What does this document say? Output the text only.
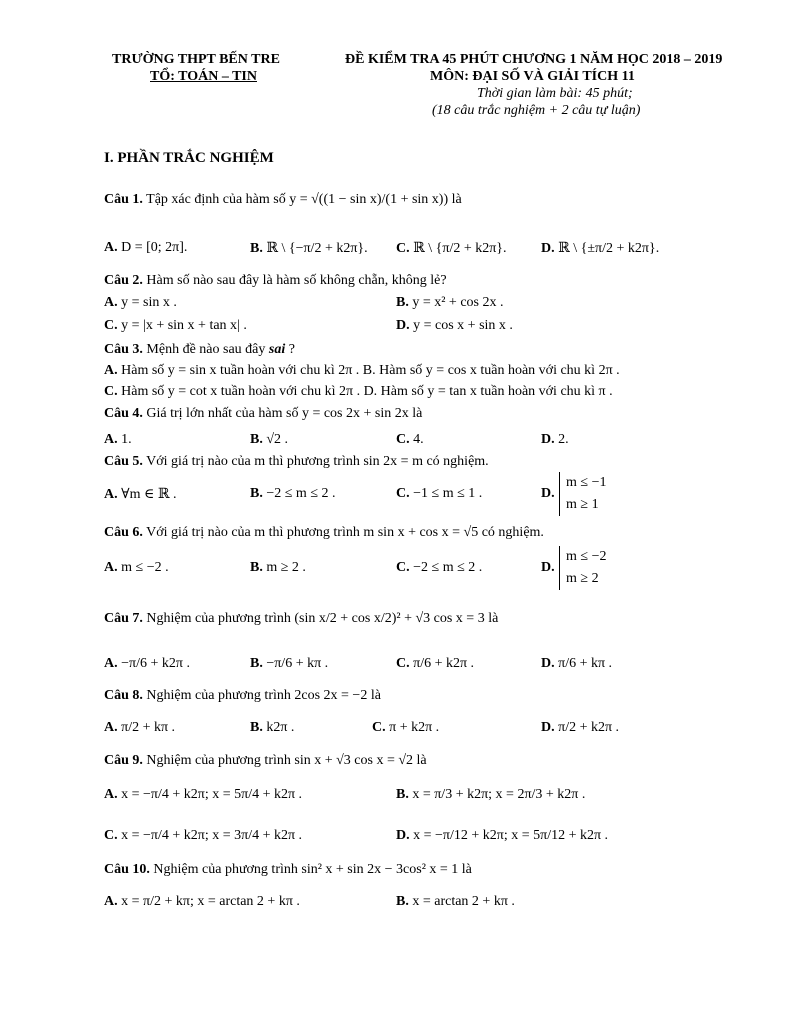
TRƯỜNG THPT BẾN TRE
TỔ: TOÁN – TIN
ĐỀ KIỂM TRA 45 PHÚT CHƯƠNG 1 NĂM HỌC 2018 – 2019
MÔN: ĐẠI SỐ VÀ GIẢI TÍCH 11
Thời gian làm bài: 45 phút;
(18 câu trắc nghiệm + 2 câu tự luận)
I. PHẦN TRẮC NGHIỆM
Câu 1. Tập xác định của hàm số y = √((1 − sin x)/(1 + sin x)) là
A. D = [0; 2π].	B. ℝ \ {−π/2 + k2π}. C. ℝ \ {π/2 + k2π}. D. ℝ \ {±π/2 + k2π}.
Câu 2. Hàm số nào sau đây là hàm số không chẵn, không lẻ?
A. y = sin x .	B. y = x² + cos 2x .
C. y = |x + sin x + tan x| .	D. y = cos x + sin x .
Câu 3. Mệnh đề nào sau đây sai ?
A. Hàm số y = sin x tuần hoàn với chu kì 2π . B. Hàm số y = cos x tuần hoàn với chu kì 2π .
C. Hàm số y = cot x tuần hoàn với chu kì 2π . D. Hàm số y = tan x tuần hoàn với chu kì π .
Câu 4. Giá trị lớn nhất của hàm số y = cos 2x + sin 2x là
A. 1.	B. √2 .	C. 4.	D. 2.
Câu 5. Với giá trị nào của m thì phương trình sin 2x = m có nghiệm.
A. ∀m ∈ ℝ .	B. −2 ≤ m ≤ 2 .	C. −1 ≤ m ≤ 1 .	D.
m ≤ −1
m ≥ 1
Câu 6. Với giá trị nào của m thì phương trình m sin x + cos x = √5 có nghiệm.
A. m ≤ −2 .	B. m ≥ 2 .	C. −2 ≤ m ≤ 2 .	D.
m ≤ −2
m ≥ 2
Câu 7. Nghiệm của phương trình (sin x/2 + cos x/2)² + √3 cos x = 3 là
A. −π/6 + k2π .	B. −π/6 + kπ .	C. π/6 + k2π .	D. π/6 + kπ .
Câu 8. Nghiệm của phương trình 2cos 2x = −2 là
A. π/2 + kπ .	B. k2π .	C. π + k2π .	D. π/2 + k2π .
Câu 9. Nghiệm của phương trình sin x + √3 cos x = √2 là
A. x = −π/4 + k2π; x = 5π/4 + k2π .	B. x = π/3 + k2π; x = 2π/3 + k2π .
C. x = −π/4 + k2π; x = 3π/4 + k2π .	D. x = −π/12 + k2π; x = 5π/12 + k2π .
Câu 10. Nghiệm của phương trình sin² x + sin 2x − 3cos² x = 1 là
A. x = π/2 + kπ; x = arctan 2 + kπ .	B. x = arctan 2 + kπ .
